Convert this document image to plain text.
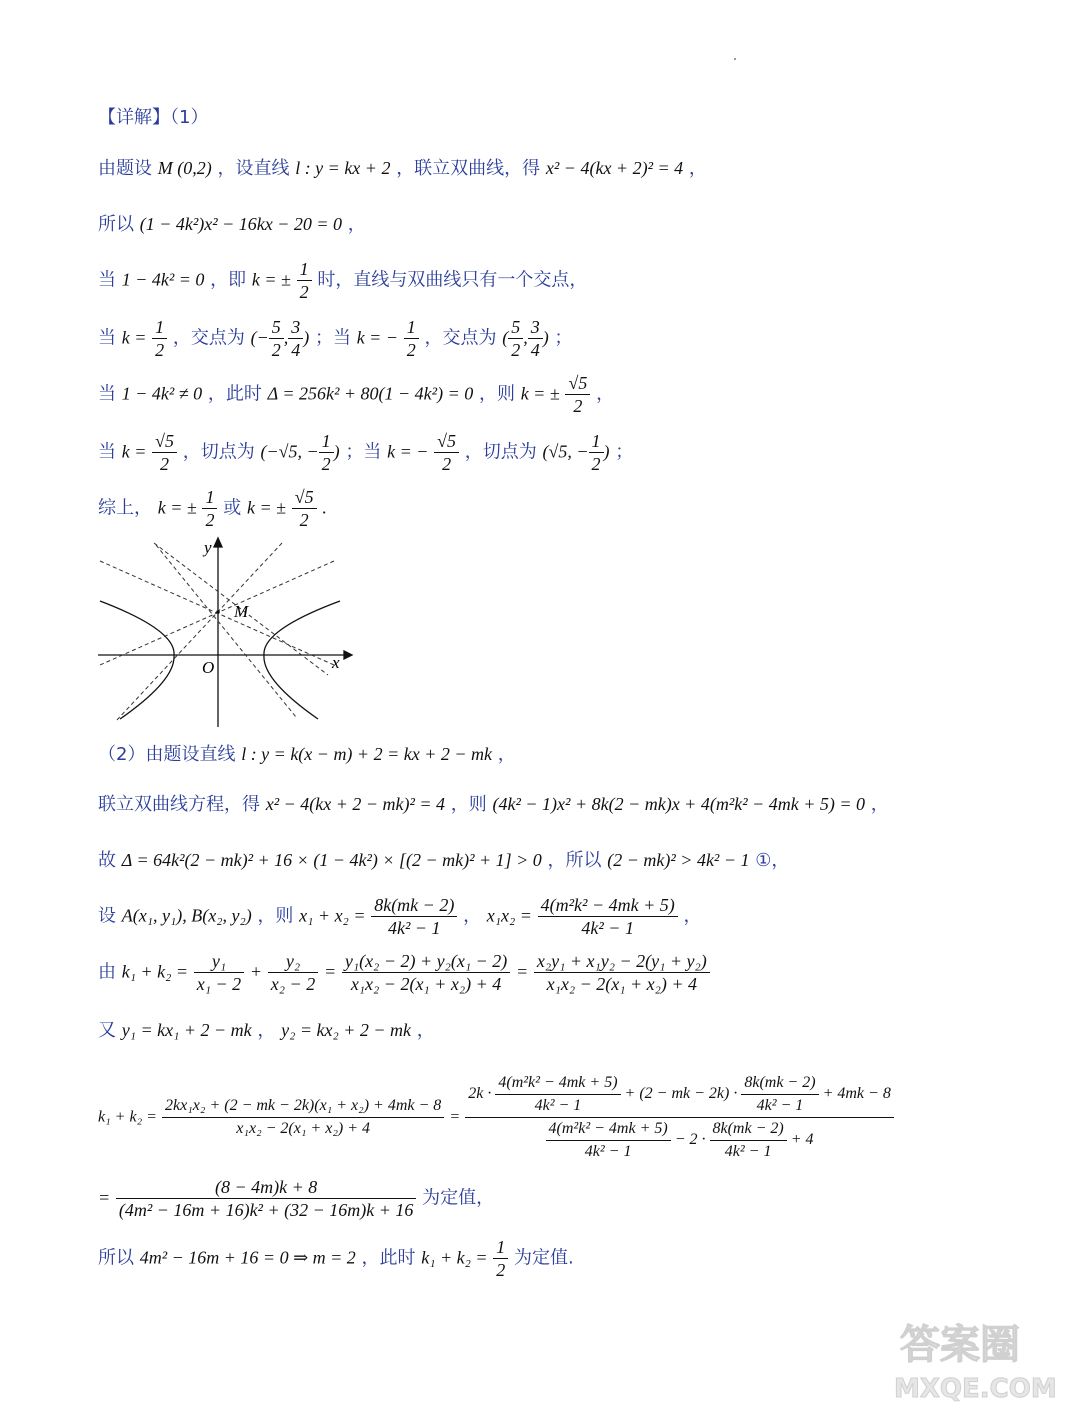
【详解】（1）
由题设 M (0,2) ，设直线 l : y = kx + 2 ，联立双曲线，得 x² − 4(kx + 2)² = 4 ，
所以 (1 − 4k²)x² − 16kx − 20 = 0 ，
当 1 − 4k² = 0 ，即 k = ± $\frac{1}{2}$ 时，直线与双曲线只有一个交点，
当 $k = \frac{1}{2}$ ，交点为 (− $\frac{5}{2}$ , $\frac{3}{4}$ ) ；当 k = − $\frac{1}{2}$ ，交点为 ( $\frac{5}{2}$ , $\frac{3}{4}$ ) ；
当 1 − 4k² ≠ 0 ，此时 Δ = 256k² + 80(1 − 4k²) = 0 ，则 k = ± $\frac{√5}{2}$ ，
当 $k = \frac{√5}{2}$ ，切点为 (−√5, − $\frac{1}{2}$ ) ；当 k = − $\frac{√5}{2}$ ，切点为 (√5, − $\frac{1}{2}$ ) ；
综上， k = ± $\frac{1}{2}$ 或 k = ± $\frac{√5}{2}$ .
y
x
O
M
（2）由题设直线 l : y = k(x − m) + 2 = kx + 2 − mk ，
联立双曲线方程，得 x² − 4(kx + 2 − mk)² = 4 ，则 (4k² − 1)x² + 8k(2 − mk)x + 4(m²k² − 4mk + 5) = 0 ，
故 Δ = 64k²(2 − mk)² + 16 × (1 − 4k²) × [(2 − mk)² + 1] > 0 ，所以 (2 − mk)² > 4k² − 1 ①，
设 A(x₁, y₁), B(x₂, y₂) ，则 $x_1 + x_2 = \frac{8k(mk - 2)}{\text{4k² − 1}}$ ， $x_1x_2 = \frac{\text{4(m²k² − 4mk + 5)}}{\text{4k² − 1}}$ ，
由 $k_1 + k_2 = \frac{\text{y₁}}{\text{x₁ − 2}} + \frac{\text{y₂}}{\text{x₂ − 2}} = \frac{\text{y₁(x₂ − 2) + y₂(x₁ − 2)}}{\text{x₁x₂ − 2(x₁ + x₂) + 4}} = \frac{\text{x₂y₁ + x₁y₂ − 2(y₁ + y₂)}}{\text{x₁x₂ − 2(x₁ + x₂) + 4}}$
又 y₁ = kx₁ + 2 − mk ， y₂ = kx₂ + 2 − mk ，
$k_1 + k_2 = \frac{\text{2kx₁x₂ + (2 − mk − 2k)(x₁ + x₂) + 4mk − 8}}{\text{x₁x₂ − 2(x₁ + x₂) + 4}}$ =
$2k \cdot \frac{\text{4(m²k² − 4mk + 5)}}{\text{4k² − 1}} + (2$ − mk − $2k) \cdot \frac{8k(mk - 2)}{\text{4k² − 1}} + 4mk - 8$
$\frac{\text{4(m²k² − 4mk + 5)}}{\text{4k² − 1}} - 2 \cdot \frac{8k(mk - 2)}{\text{4k² − 1}} + 4$
= $\frac{(8 - 4m)k + 8}{\text{(4m² − 16m + 16)k² + (32 − 16m)k + 16}}$ 为定值，
所以 4m² − 16m + 16 = 0 ⇒ m = 2 ，此时 $k_1 + k_2 = \frac{1}{2}$ 为定值.
答案圈
MXQE.COM
